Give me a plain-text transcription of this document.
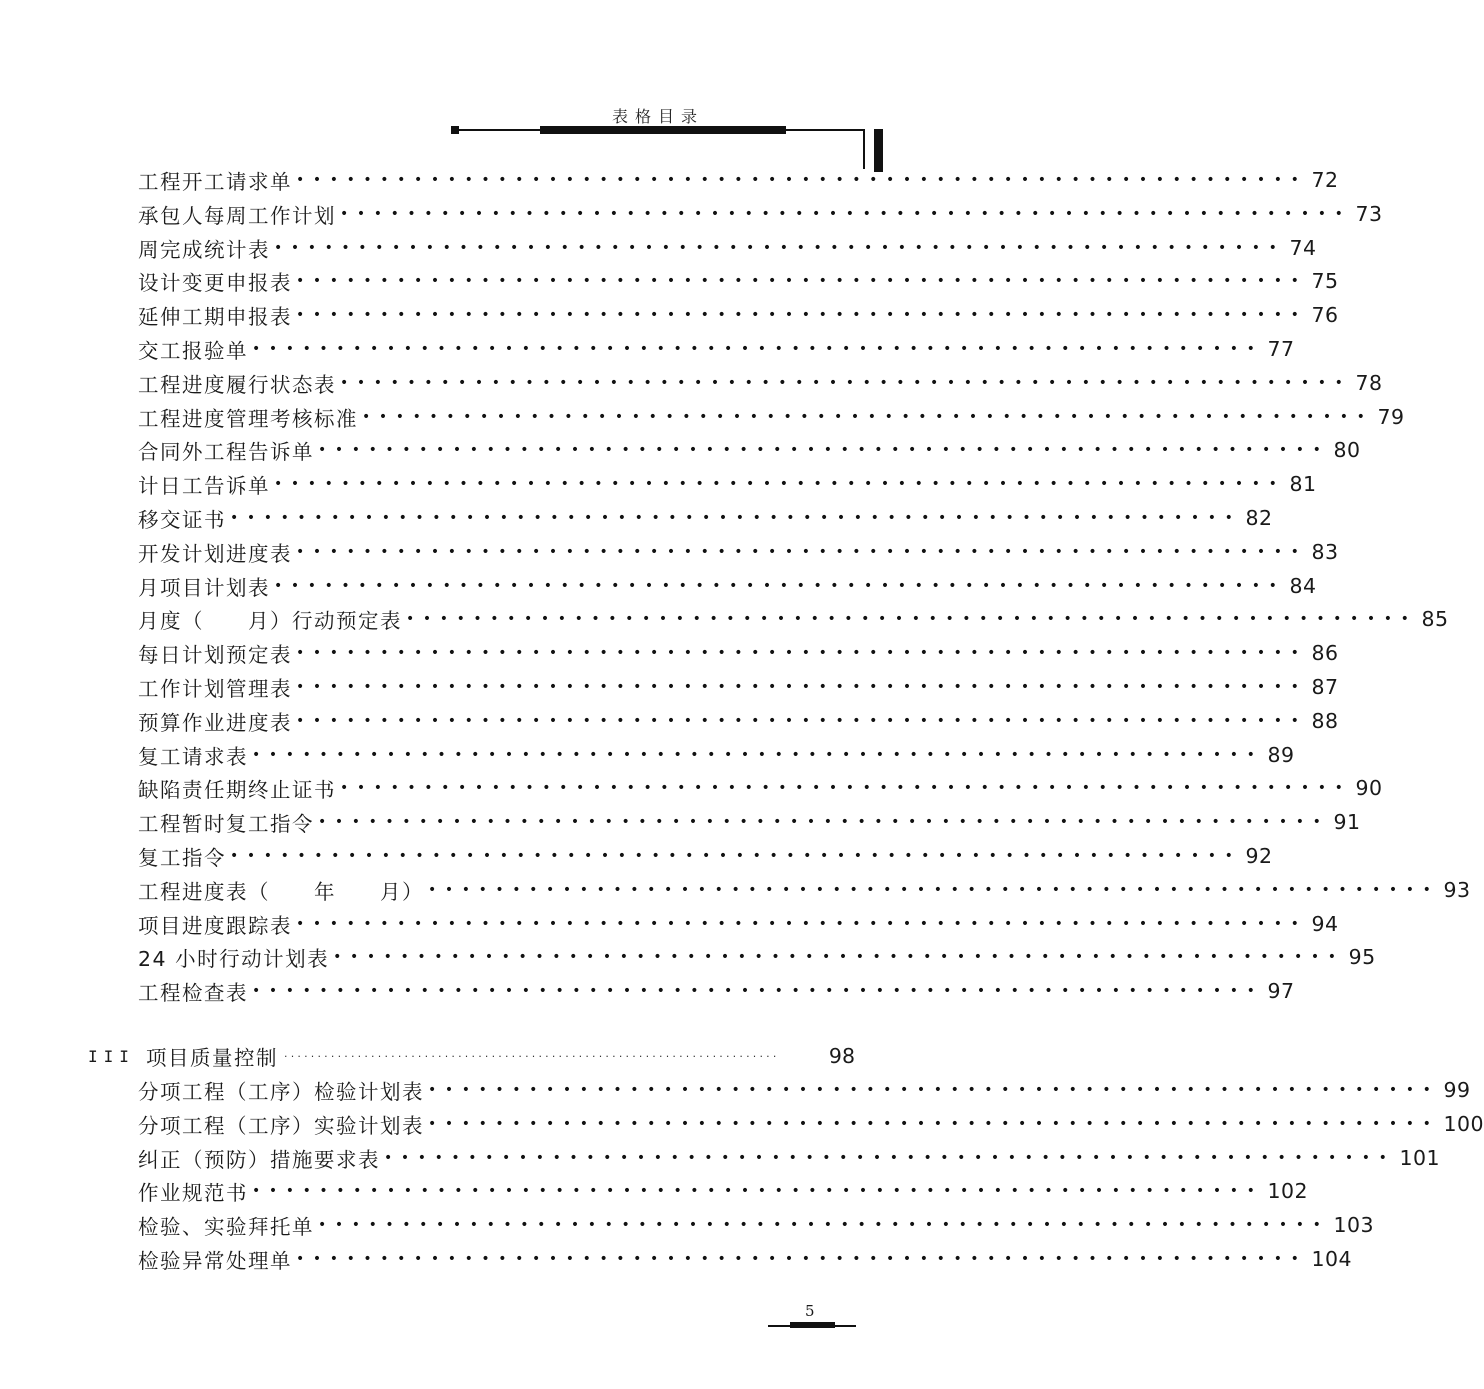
表格目录
工程开工请求单 •••••••••••••••••••••••••••••••••••••••••••••••••••••••••••• 72
承包人每周工作计划 •••••••••••••••••••••••••••••••••••••••••••••••••••••••••••• 73
周完成统计表 •••••••••••••••••••••••••••••••••••••••••••••••••••••••••••• 74
设计变更申报表 •••••••••••••••••••••••••••••••••••••••••••••••••••••••••••• 75
延伸工期申报表 •••••••••••••••••••••••••••••••••••••••••••••••••••••••••••• 76
交工报验单 •••••••••••••••••••••••••••••••••••••••••••••••••••••••••••• 77
工程进度履行状态表 •••••••••••••••••••••••••••••••••••••••••••••••••••••••••••• 78
工程进度管理考核标准 •••••••••••••••••••••••••••••••••••••••••••••••••••••••••••• 79
合同外工程告诉单 •••••••••••••••••••••••••••••••••••••••••••••••••••••••••••• 80
计日工告诉单 •••••••••••••••••••••••••••••••••••••••••••••••••••••••••••• 81
移交证书 •••••••••••••••••••••••••••••••••••••••••••••••••••••••••••• 82
开发计划进度表 •••••••••••••••••••••••••••••••••••••••••••••••••••••••••••• 83
月项目计划表 •••••••••••••••••••••••••••••••••••••••••••••••••••••••••••• 84
月度（　　月）行动预定表 •••••••••••••••••••••••••••••••••••••••••••••••••••••••••••• 85
每日计划预定表 •••••••••••••••••••••••••••••••••••••••••••••••••••••••••••• 86
工作计划管理表 •••••••••••••••••••••••••••••••••••••••••••••••••••••••••••• 87
预算作业进度表 •••••••••••••••••••••••••••••••••••••••••••••••••••••••••••• 88
复工请求表 •••••••••••••••••••••••••••••••••••••••••••••••••••••••••••• 89
缺陷责任期终止证书 •••••••••••••••••••••••••••••••••••••••••••••••••••••••••••• 90
工程暂时复工指令 •••••••••••••••••••••••••••••••••••••••••••••••••••••••••••• 91
复工指令 •••••••••••••••••••••••••••••••••••••••••••••••••••••••••••• 92
工程进度表（　　年　　月） •••••••••••••••••••••••••••••••••••••••••••••••••••••••••••• 93
项目进度跟踪表 •••••••••••••••••••••••••••••••••••••••••••••••••••••••••••• 94
24 小时行动计划表 •••••••••••••••••••••••••••••••••••••••••••••••••••••••••••• 95
工程检查表 •••••••••••••••••••••••••••••••••••••••••••••••••••••••••••• 97
III 项目质量控制 ··········································································	98
分项工程（工序）检验计划表 •••••••••••••••••••••••••••••••••••••••••••••••••••••••••••• 99
分项工程（工序）实验计划表 •••••••••••••••••••••••••••••••••••••••••••••••••••••••••••• 100
纠正（预防）措施要求表 •••••••••••••••••••••••••••••••••••••••••••••••••••••••••••• 101
作业规范书 •••••••••••••••••••••••••••••••••••••••••••••••••••••••••••• 102
检验、实验拜托单 •••••••••••••••••••••••••••••••••••••••••••••••••••••••••••• 103
检验异常处理单 •••••••••••••••••••••••••••••••••••••••••••••••••••••••••••• 104
5
